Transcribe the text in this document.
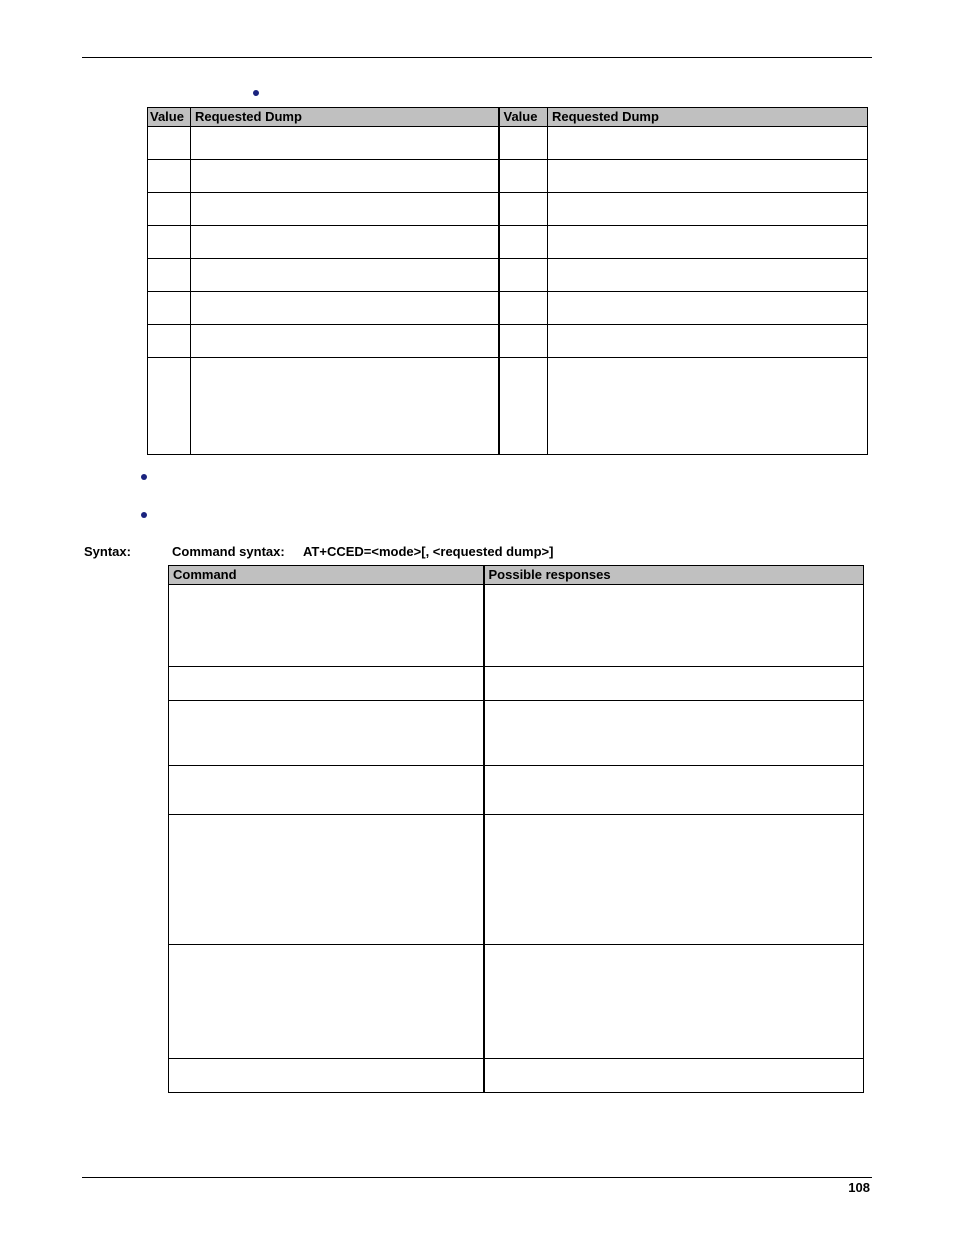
Value	Requested Dump	Value	Requested Dump

Syntax:	Command syntax: AT+CCED=<mode>[, <requested dump>]
Command	Possible responses

108
